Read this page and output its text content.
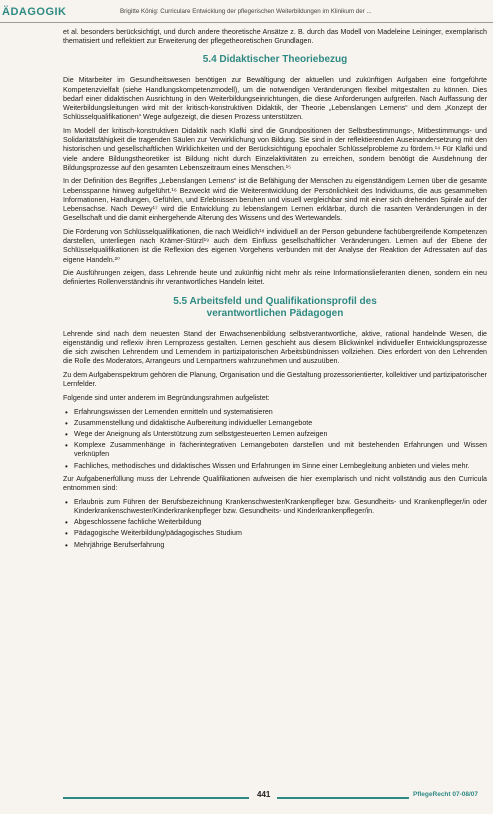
ÄDAGOGIK	Brigitte König: Curriculare Entwicklung der pflegerischen Weiterbildungen im Klinikum der ...

et al. besonders berücksichtigt, und durch andere theoretische Ansätze z. B. durch das Modell von Madeleine Leininger, exemplarisch thematisiert und reflektiert zur Erweiterung der pflegetheoretischen Grundlagen.

5.4 Didaktischer Theoriebezug

Die Mitarbeiter im Gesundheitswesen benötigen zur Bewältigung der aktuellen und zukünftigen Aufgaben eine fortgeführte Kompetenzvielfalt (siehe Handlungskompetenzmodell), um die notwendigen Veränderungen flexibel mitgestalten zu können. Dies bedarf einer didaktischen Ausrichtung in den Weiterbildungseinrichtungen, die diese Anforderungen aufgreifen. Nach Auffassung der Weiterbildungsleitungen wird mit der kritisch-konstruktiven Didaktik, der Theorie „Lebenslangen Lernens“ und dem „Konzept der Schlüsselqualifikationen“ Wege aufgezeigt, die diesen Prozess unterstützen.

Im Modell der kritisch-konstruktiven Didaktik nach Klafki sind die Grundpositionen der Selbstbestimmungs-, Mitbestimmungs- und Solidaritätsfähigkeit die tragenden Säulen zur Verwirklichung von Bildung. Sie sind in der reflektierenden Auseinandersetzung mit den historischen und gesellschaftlichen Wirklichkeiten und der Berücksichtigung epochaler Schlüsselprobleme zu fördern.¹⁴ Für Klafki und viele andere Bildungstheoretiker ist Bildung nicht durch Einzelaktivitäten zu erreichen, sondern benötigt die Ausdehnung der Bildungsprozesse auf den gesamten Lebenszeitraum eines Menschen.¹⁵

In der Definition des Begriffes „Lebenslangen Lernens“ ist die Befähigung der Menschen zu eigenständigem Lernen über die gesamte Lebensspanne hinweg aufgeführt.¹⁶ Bezweckt wird die Weiterentwicklung der Persönlichkeit des Individuums, die aus gesammelten Informationen, Handlungen, Gefühlen, und Erlebnissen beruhen und visuell vergleichbar sind mit einer sich drehenden Spirale auf der Lebensachse. Nach Dewey¹⁷ wird die Entwicklung zu lebenslangem Lernen erklärbar, durch die rasanten Veränderungen in der Gesellschaft und die damit einhergehende Alterung des Wissens und des Wertewandels.

Die Förderung von Schlüsselqualifikationen, die nach Weidlich¹⁸ individuell an der Person gebundene fachübergreifende Kompetenzen darstellen, unterliegen nach Krämer-Stürzl¹⁹ auch dem Einfluss gesellschaftlicher Veränderungen. Lernen auf der Ebene der Schlüsselqualifikationen ist die Reflexion des eigenen Vorgehens verbunden mit der Analyse der Reaktion der Adressaten auf das eigene Handeln.²⁰

Die Ausführungen zeigen, dass Lehrende heute und zukünftig nicht mehr als reine Informationslieferanten dienen, sondern ein neu definiertes Rollenverständnis ihr verantwortliches Handeln leitet.

5.5 Arbeitsfeld und Qualifikationsprofil des
verantwortlichen Pädagogen

Lehrende sind nach dem neuesten Stand der Erwachsenenbildung selbstverantwortliche, aktive, rational handelnde Wesen, die eigenständig und reflexiv ihren Lernprozess gestalten. Lernen geschieht aus diesem Blickwinkel individueller Entwicklungsprozesse die sich zwischen Lehrendem und Lernendem in partizipatorischen Arbeitsbündnissen vollziehen. Dies erfordert von den Lehrenden die Rolle des Moderators, Arrangeurs und Lernpartners wahrzunehmen und auszuüben.

Zu dem Aufgabenspektrum gehören die Planung, Organisation und die Gestaltung prozessorientierter, kollektiver und partizipatorischer Lernfelder.

Folgende sind unter anderem im Begründungsrahmen aufgelistet:

• Erfahrungswissen der Lernenden ermitteln und systematisieren
• Zusammenstellung und didaktische Aufbereitung individueller Lernangebote
• Wege der Aneignung als Unterstützung zum selbstgesteuerten Lernen aufzeigen
• Komplexe Zusammenhänge in fächerintegrativen Lernangeboten darstellen und mit bestehenden Erfahrungen und Wissen verknüpfen
• Fachliches, methodisches und didaktisches Wissen und Erfahrungen im Sinne einer Lernbegleitung anbieten und vieles mehr.

Zur Aufgabenerfüllung muss der Lehrende Qualifikationen aufweisen die hier exemplarisch und nicht vollständig aus den Curricula entnommen sind:

• Erlaubnis zum Führen der Berufsbezeichnung Krankenschwester/Krankenpfleger bzw. Gesundheits- und Krankenpfleger/in oder Kinderkrankenschwester/Kinderkrankenpfleger bzw. Gesundheits- und Kinderkrankenpfleger/in.
• Abgeschlossene fachliche Weiterbildung
• Pädagogische Weiterbildung/pädagogisches Studium
• Mehrjährige Berufserfahrung
441	PflegeRecht 07-08/07
